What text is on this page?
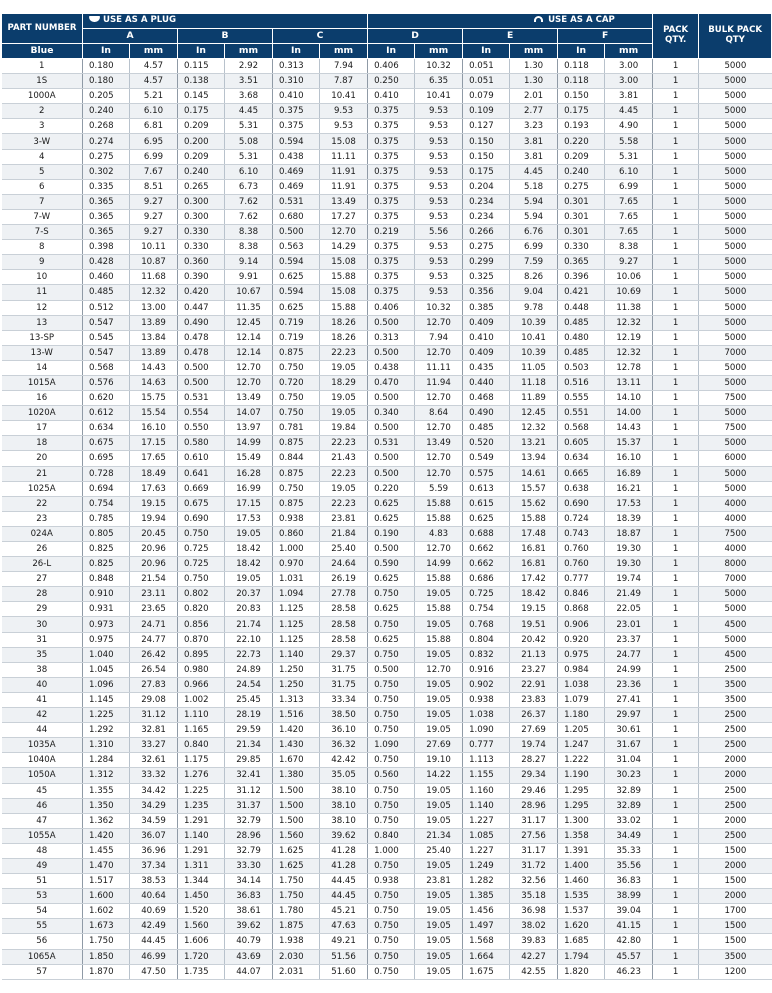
PART NUMBER	USE AS A PLUG						USE AS A CAP						PACK QTY.	BULK PACK QTY
	A		B		C		D		E		F			
Blue	In	mm	In	mm	In	mm	In	mm	In	mm	In	mm		
1	0.180	4.57	0.115	2.92	0.313	7.94	0.406	10.32	0.051	1.30	0.118	3.00	1	5000
1S	0.180	4.57	0.138	3.51	0.310	7.87	0.250	6.35	0.051	1.30	0.118	3.00	1	5000
1000A	0.205	5.21	0.145	3.68	0.410	10.41	0.410	10.41	0.079	2.01	0.150	3.81	1	5000
2	0.240	6.10	0.175	4.45	0.375	9.53	0.375	9.53	0.109	2.77	0.175	4.45	1	5000
3	0.268	6.81	0.209	5.31	0.375	9.53	0.375	9.53	0.127	3.23	0.193	4.90	1	5000
3-W	0.274	6.95	0.200	5.08	0.594	15.08	0.375	9.53	0.150	3.81	0.220	5.58	1	5000
4	0.275	6.99	0.209	5.31	0.438	11.11	0.375	9.53	0.150	3.81	0.209	5.31	1	5000
5	0.302	7.67	0.240	6.10	0.469	11.91	0.375	9.53	0.175	4.45	0.240	6.10	1	5000
6	0.335	8.51	0.265	6.73	0.469	11.91	0.375	9.53	0.204	5.18	0.275	6.99	1	5000
7	0.365	9.27	0.300	7.62	0.531	13.49	0.375	9.53	0.234	5.94	0.301	7.65	1	5000
7-W	0.365	9.27	0.300	7.62	0.680	17.27	0.375	9.53	0.234	5.94	0.301	7.65	1	5000
7-S	0.365	9.27	0.330	8.38	0.500	12.70	0.219	5.56	0.266	6.76	0.301	7.65	1	5000
8	0.398	10.11	0.330	8.38	0.563	14.29	0.375	9.53	0.275	6.99	0.330	8.38	1	5000
9	0.428	10.87	0.360	9.14	0.594	15.08	0.375	9.53	0.299	7.59	0.365	9.27	1	5000
10	0.460	11.68	0.390	9.91	0.625	15.88	0.375	9.53	0.325	8.26	0.396	10.06	1	5000
11	0.485	12.32	0.420	10.67	0.594	15.08	0.375	9.53	0.356	9.04	0.421	10.69	1	5000
12	0.512	13.00	0.447	11.35	0.625	15.88	0.406	10.32	0.385	9.78	0.448	11.38	1	5000
13	0.547	13.89	0.490	12.45	0.719	18.26	0.500	12.70	0.409	10.39	0.485	12.32	1	5000
13-SP	0.545	13.84	0.478	12.14	0.719	18.26	0.313	7.94	0.410	10.41	0.480	12.19	1	5000
13-W	0.547	13.89	0.478	12.14	0.875	22.23	0.500	12.70	0.409	10.39	0.485	12.32	1	7000
14	0.568	14.43	0.500	12.70	0.750	19.05	0.438	11.11	0.435	11.05	0.503	12.78	1	5000
1015A	0.576	14.63	0.500	12.70	0.720	18.29	0.470	11.94	0.440	11.18	0.516	13.11	1	5000
16	0.620	15.75	0.531	13.49	0.750	19.05	0.500	12.70	0.468	11.89	0.555	14.10	1	7500
1020A	0.612	15.54	0.554	14.07	0.750	19.05	0.340	8.64	0.490	12.45	0.551	14.00	1	5000
17	0.634	16.10	0.550	13.97	0.781	19.84	0.500	12.70	0.485	12.32	0.568	14.43	1	7500
18	0.675	17.15	0.580	14.99	0.875	22.23	0.531	13.49	0.520	13.21	0.605	15.37	1	5000
20	0.695	17.65	0.610	15.49	0.844	21.43	0.500	12.70	0.549	13.94	0.634	16.10	1	6000
21	0.728	18.49	0.641	16.28	0.875	22.23	0.500	12.70	0.575	14.61	0.665	16.89	1	5000
1025A	0.694	17.63	0.669	16.99	0.750	19.05	0.220	5.59	0.613	15.57	0.638	16.21	1	5000
22	0.754	19.15	0.675	17.15	0.875	22.23	0.625	15.88	0.615	15.62	0.690	17.53	1	4000
23	0.785	19.94	0.690	17.53	0.938	23.81	0.625	15.88	0.625	15.88	0.724	18.39	1	4000
024A	0.805	20.45	0.750	19.05	0.860	21.84	0.190	4.83	0.688	17.48	0.743	18.87	1	7500
26	0.825	20.96	0.725	18.42	1.000	25.40	0.500	12.70	0.662	16.81	0.760	19.30	1	4000
26-L	0.825	20.96	0.725	18.42	0.970	24.64	0.590	14.99	0.662	16.81	0.760	19.30	1	8000
27	0.848	21.54	0.750	19.05	1.031	26.19	0.625	15.88	0.686	17.42	0.777	19.74	1	7000
28	0.910	23.11	0.802	20.37	1.094	27.78	0.750	19.05	0.725	18.42	0.846	21.49	1	5000
29	0.931	23.65	0.820	20.83	1.125	28.58	0.625	15.88	0.754	19.15	0.868	22.05	1	5000
30	0.973	24.71	0.856	21.74	1.125	28.58	0.750	19.05	0.768	19.51	0.906	23.01	1	4500
31	0.975	24.77	0.870	22.10	1.125	28.58	0.625	15.88	0.804	20.42	0.920	23.37	1	5000
35	1.040	26.42	0.895	22.73	1.140	29.37	0.750	19.05	0.832	21.13	0.975	24.77	1	4500
38	1.045	26.54	0.980	24.89	1.250	31.75	0.500	12.70	0.916	23.27	0.984	24.99	1	2500
40	1.096	27.83	0.966	24.54	1.250	31.75	0.750	19.05	0.902	22.91	1.038	23.36	1	3500
41	1.145	29.08	1.002	25.45	1.313	33.34	0.750	19.05	0.938	23.83	1.079	27.41	1	3500
42	1.225	31.12	1.110	28.19	1.516	38.50	0.750	19.05	1.038	26.37	1.180	29.97	1	2500
44	1.292	32.81	1.165	29.59	1.420	36.10	0.750	19.05	1.090	27.69	1.205	30.61	1	2500
1035A	1.310	33.27	0.840	21.34	1.430	36.32	1.090	27.69	0.777	19.74	1.247	31.67	1	2500
1040A	1.284	32.61	1.175	29.85	1.670	42.42	0.750	19.10	1.113	28.27	1.222	31.04	1	2000
1050A	1.312	33.32	1.276	32.41	1.380	35.05	0.560	14.22	1.155	29.34	1.190	30.23	1	2000
45	1.355	34.42	1.225	31.12	1.500	38.10	0.750	19.05	1.160	29.46	1.295	32.89	1	2500
46	1.350	34.29	1.235	31.37	1.500	38.10	0.750	19.05	1.140	28.96	1.295	32.89	1	2500
47	1.362	34.59	1.291	32.79	1.500	38.10	0.750	19.05	1.227	31.17	1.300	33.02	1	2000
1055A	1.420	36.07	1.140	28.96	1.560	39.62	0.840	21.34	1.085	27.56	1.358	34.49	1	2500
48	1.455	36.96	1.291	32.79	1.625	41.28	1.000	25.40	1.227	31.17	1.391	35.33	1	1500
49	1.470	37.34	1.311	33.30	1.625	41.28	0.750	19.05	1.249	31.72	1.400	35.56	1	2000
51	1.517	38.53	1.344	34.14	1.750	44.45	0.938	23.81	1.282	32.56	1.460	36.83	1	1500
53	1.600	40.64	1.450	36.83	1.750	44.45	0.750	19.05	1.385	35.18	1.535	38.99	1	2000
54	1.602	40.69	1.520	38.61	1.780	45.21	0.750	19.05	1.456	36.98	1.537	39.04	1	1700
55	1.673	42.49	1.560	39.62	1.875	47.63	0.750	19.05	1.497	38.02	1.620	41.15	1	1500
56	1.750	44.45	1.606	40.79	1.938	49.21	0.750	19.05	1.568	39.83	1.685	42.80	1	1500
1065A	1.850	46.99	1.720	43.69	2.030	51.56	0.750	19.05	1.664	42.27	1.794	45.57	1	3500
57	1.870	47.50	1.735	44.07	2.031	51.60	0.750	19.05	1.675	42.55	1.820	46.23	1	1200
